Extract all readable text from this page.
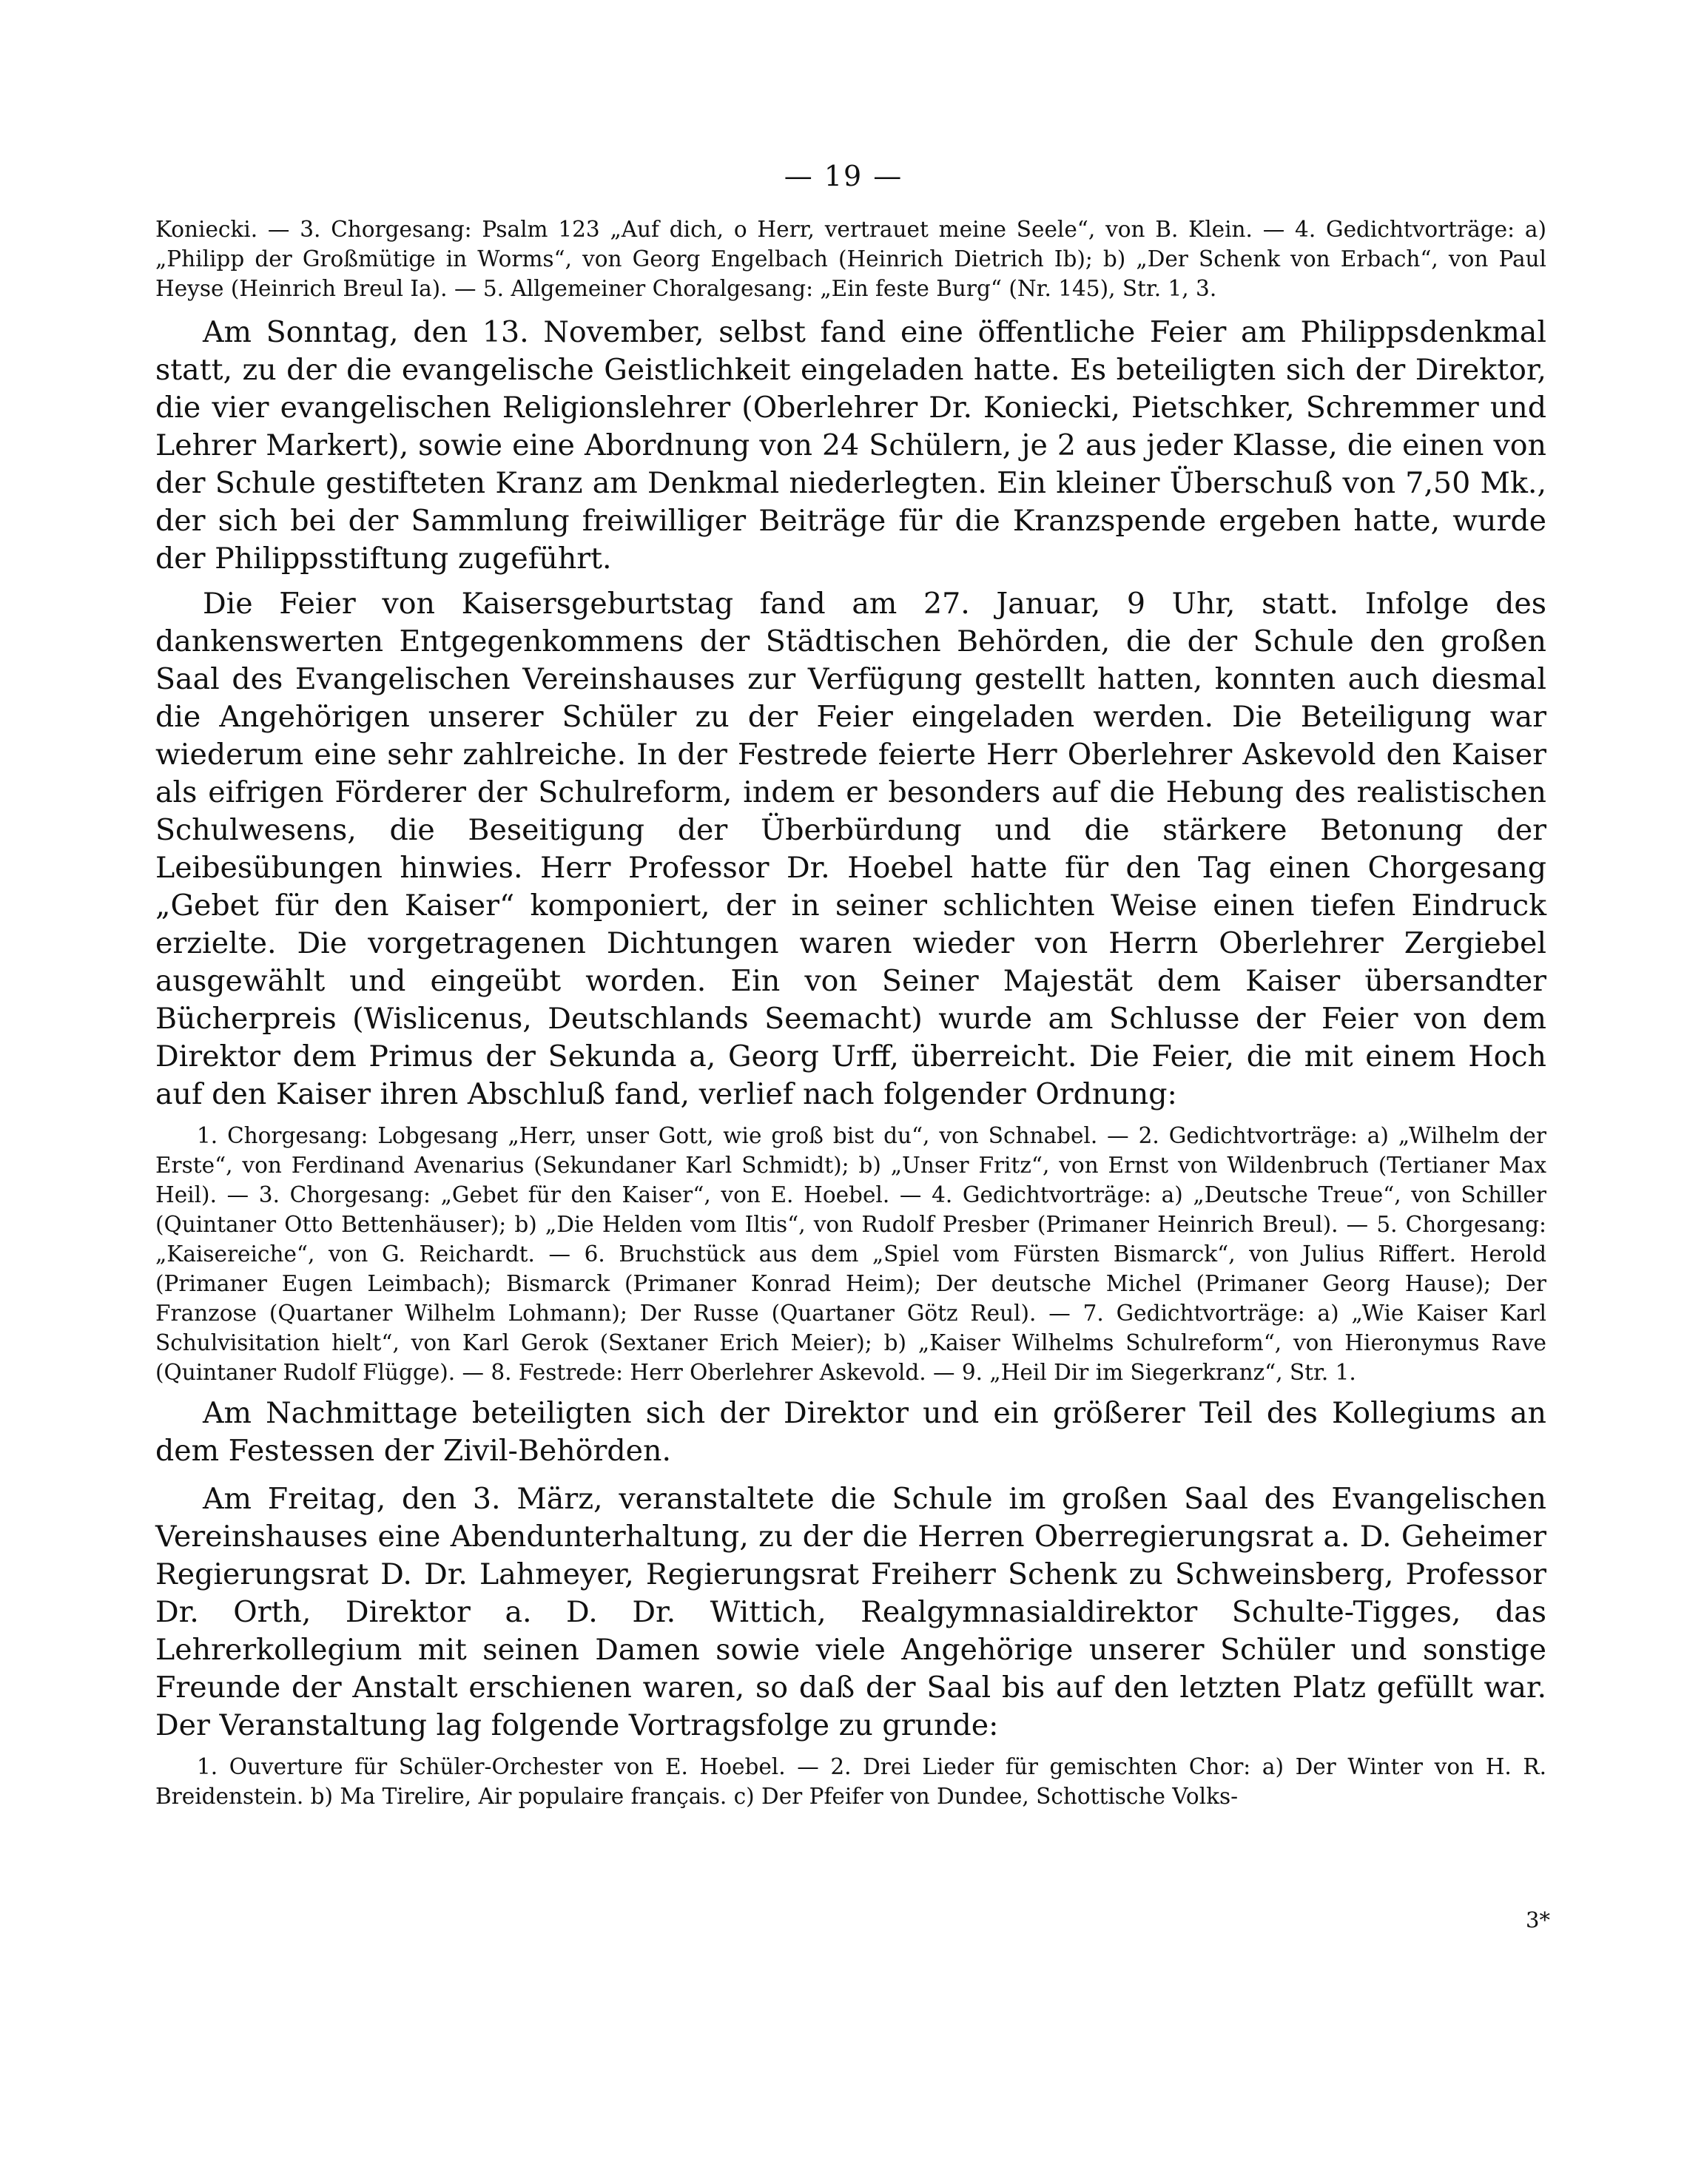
— 19 —

Koniecki. — 3. Chorgesang: Psalm 123 „Auf dich, o Herr, vertrauet meine Seele“, von B. Klein. — 4. Gedichtvorträge: a) „Philipp der Großmütige in Worms“, von Georg Engelbach (Heinrich Dietrich Ib); b) „Der Schenk von Erbach“, von Paul Heyse (Heinrich Breul Ia). — 5. Allgemeiner Choralgesang: „Ein feste Burg“ (Nr. 145), Str. 1, 3.

Am Sonntag, den 13. November, selbst fand eine öffentliche Feier am Philippsdenkmal statt, zu der die evangelische Geistlichkeit eingeladen hatte. Es beteiligten sich der Direktor, die vier evangelischen Religionslehrer (Oberlehrer Dr. Koniecki, Pietschker, Schremmer und Lehrer Markert), sowie eine Abordnung von 24 Schülern, je 2 aus jeder Klasse, die einen von der Schule gestifteten Kranz am Denkmal niederlegten. Ein kleiner Überschuß von 7,50 Mk., der sich bei der Sammlung freiwilliger Beiträge für die Kranzspende ergeben hatte, wurde der Philippsstiftung zugeführt.

Die Feier von Kaisersgeburtstag fand am 27. Januar, 9 Uhr, statt. Infolge des dankenswerten Entgegenkommens der Städtischen Behörden, die der Schule den großen Saal des Evangelischen Vereinshauses zur Verfügung gestellt hatten, konnten auch diesmal die Angehörigen unserer Schüler zu der Feier eingeladen werden. Die Beteiligung war wiederum eine sehr zahlreiche. In der Festrede feierte Herr Oberlehrer Askevold den Kaiser als eifrigen Förderer der Schulreform, indem er besonders auf die Hebung des realistischen Schulwesens, die Beseitigung der Überbürdung und die stärkere Betonung der Leibesübungen hinwies. Herr Professor Dr. Hoebel hatte für den Tag einen Chorgesang „Gebet für den Kaiser“ komponiert, der in seiner schlichten Weise einen tiefen Eindruck erzielte. Die vorgetragenen Dichtungen waren wieder von Herrn Oberlehrer Zergiebel ausgewählt und eingeübt worden. Ein von Seiner Majestät dem Kaiser übersandter Bücherpreis (Wislicenus, Deutschlands Seemacht) wurde am Schlusse der Feier von dem Direktor dem Primus der Sekunda a, Georg Urff, überreicht. Die Feier, die mit einem Hoch auf den Kaiser ihren Abschluß fand, verlief nach folgender Ordnung:

1. Chorgesang: Lobgesang „Herr, unser Gott, wie groß bist du“, von Schnabel. — 2. Gedichtvorträge: a) „Wilhelm der Erste“, von Ferdinand Avenarius (Sekundaner Karl Schmidt); b) „Unser Fritz“, von Ernst von Wildenbruch (Tertianer Max Heil). — 3. Chorgesang: „Gebet für den Kaiser“, von E. Hoebel. — 4. Gedichtvorträge: a) „Deutsche Treue“, von Schiller (Quintaner Otto Bettenhäuser); b) „Die Helden vom Iltis“, von Rudolf Presber (Primaner Heinrich Breul). — 5. Chorgesang: „Kaisereiche“, von G. Reichardt. — 6. Bruchstück aus dem „Spiel vom Fürsten Bismarck“, von Julius Riffert. Herold (Primaner Eugen Leimbach); Bismarck (Primaner Konrad Heim); Der deutsche Michel (Primaner Georg Hause); Der Franzose (Quartaner Wilhelm Lohmann); Der Russe (Quartaner Götz Reul). — 7. Gedichtvorträge: a) „Wie Kaiser Karl Schulvisitation hielt“, von Karl Gerok (Sextaner Erich Meier); b) „Kaiser Wilhelms Schulreform“, von Hieronymus Rave (Quintaner Rudolf Flügge). — 8. Festrede: Herr Oberlehrer Askevold. — 9. „Heil Dir im Siegerkranz“, Str. 1.

Am Nachmittage beteiligten sich der Direktor und ein größerer Teil des Kollegiums an dem Festessen der Zivil-Behörden.

Am Freitag, den 3. März, veranstaltete die Schule im großen Saal des Evangelischen Vereinshauses eine Abendunterhaltung, zu der die Herren Oberregierungsrat a. D. Geheimer Regierungsrat D. Dr. Lahmeyer, Regierungsrat Freiherr Schenk zu Schweinsberg, Professor Dr. Orth, Direktor a. D. Dr. Wittich, Realgymnasialdirektor Schulte-Tigges, das Lehrerkollegium mit seinen Damen sowie viele Angehörige unserer Schüler und sonstige Freunde der Anstalt erschienen waren, so daß der Saal bis auf den letzten Platz gefüllt war. Der Veranstaltung lag folgende Vortragsfolge zu grunde:

1. Ouverture für Schüler-Orchester von E. Hoebel. — 2. Drei Lieder für gemischten Chor: a) Der Winter von H. R. Breidenstein. b) Ma Tirelire, Air populaire français. c) Der Pfeifer von Dundee, Schottische Volks-

3*
